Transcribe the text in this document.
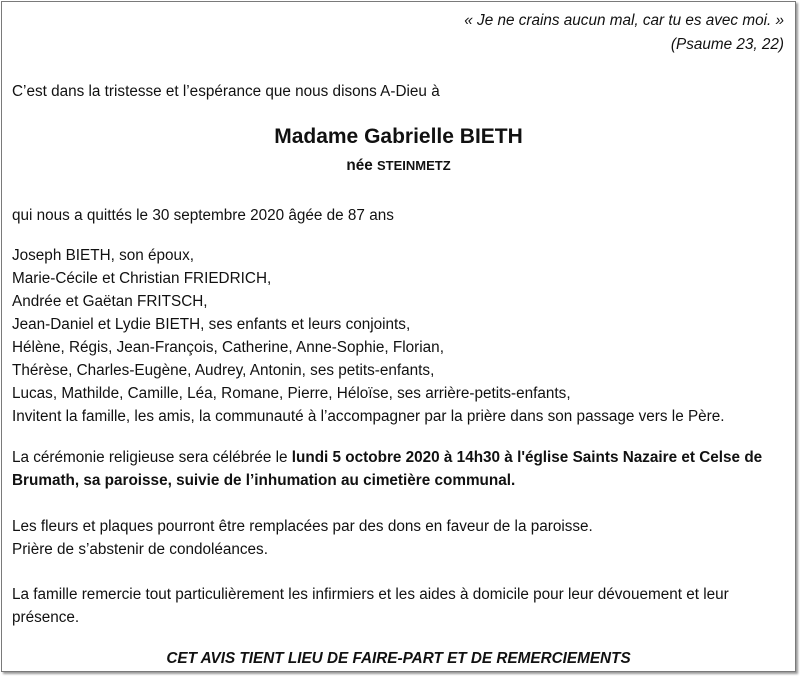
« Je ne crains aucun mal, car tu es avec moi. »
(Psaume 23, 22)
C’est dans la tristesse et l’espérance que nous disons A-Dieu à
Madame Gabrielle BIETH
née STEINMETZ
qui nous a quittés le 30 septembre 2020 âgée de 87 ans
Joseph BIETH, son époux,
Marie-Cécile et Christian FRIEDRICH,
Andrée et Gaëtan FRITSCH,
Jean-Daniel et Lydie BIETH, ses enfants et leurs conjoints,
Hélène, Régis, Jean-François, Catherine, Anne-Sophie, Florian,
Thérèse, Charles-Eugène, Audrey, Antonin, ses petits-enfants,
Lucas, Mathilde, Camille, Léa, Romane, Pierre, Héloïse, ses arrière-petits-enfants,
Invitent la famille, les amis, la communauté à l’accompagner par la prière dans son passage vers le Père.
La cérémonie religieuse sera célébrée le lundi 5 octobre 2020 à 14h30 à l'église Saints Nazaire et Celse de Brumath, sa paroisse, suivie de l’inhumation au cimetière communal.
Les fleurs et plaques pourront être remplacées par des dons en faveur de la paroisse.
Prière de s’abstenir de condoléances.
La famille remercie tout particulièrement les infirmiers et les aides à domicile pour leur dévouement et leur présence.
CET AVIS TIENT LIEU DE FAIRE-PART ET DE REMERCIEMENTS
